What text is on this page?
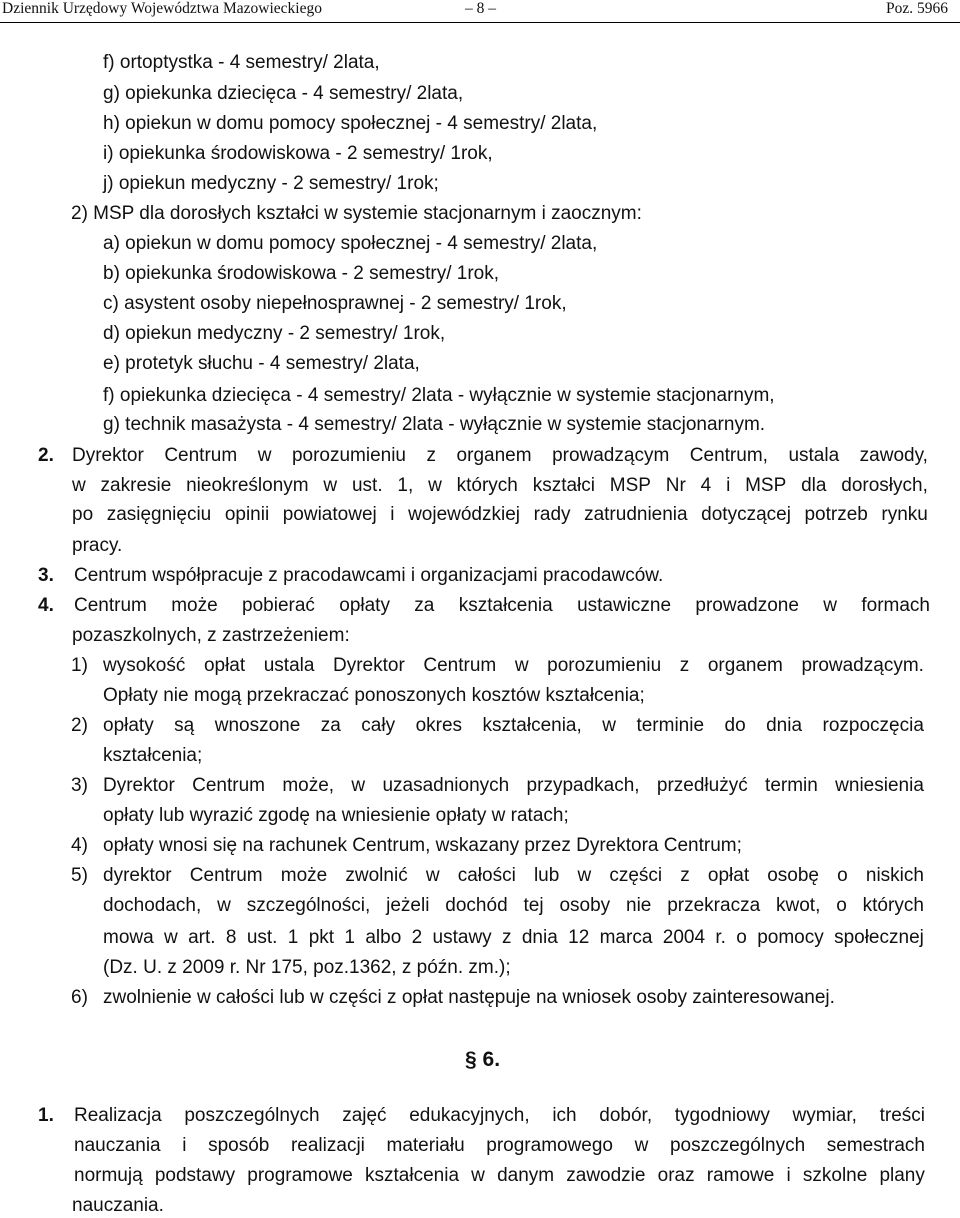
Dziennik Urzędowy Województwa Mazowieckiego	– 8 –	Poz. 5966
f) ortoptystka - 4 semestry/ 2lata,
g) opiekunka dziecięca - 4 semestry/ 2lata,
h) opiekun w domu pomocy społecznej - 4 semestry/ 2lata,
i) opiekunka środowiskowa - 2 semestry/ 1rok,
j) opiekun medyczny - 2 semestry/ 1rok;
2) MSP dla dorosłych kształci w systemie stacjonarnym i zaocznym:
a) opiekun w domu pomocy społecznej - 4 semestry/ 2lata,
b) opiekunka środowiskowa - 2 semestry/ 1rok,
c) asystent osoby niepełnosprawnej - 2 semestry/ 1rok,
d) opiekun medyczny - 2 semestry/ 1rok,
e) protetyk słuchu - 4 semestry/ 2lata,
f) opiekunka dziecięca - 4 semestry/ 2lata - wyłącznie w systemie stacjonarnym,
g) technik masażysta - 4 semestry/ 2lata - wyłącznie w systemie stacjonarnym.
2. Dyrektor Centrum w porozumieniu z organem prowadzącym Centrum, ustala zawody,
w zakresie nieokreślonym w ust. 1, w których kształci MSP Nr 4 i MSP dla dorosłych,
po zasięgnięciu opinii powiatowej i wojewódzkiej rady zatrudnienia dotyczącej potrzeb rynku
pracy.
3. Centrum współpracuje z pracodawcami i organizacjami pracodawców.
4. Centrum może pobierać opłaty za kształcenia ustawiczne prowadzone w formach
pozaszkolnych, z zastrzeżeniem:
1) wysokość opłat ustala Dyrektor Centrum w porozumieniu z organem prowadzącym.
Opłaty nie mogą przekraczać ponoszonych kosztów kształcenia;
2) opłaty są wnoszone za cały okres kształcenia, w terminie do dnia rozpoczęcia
kształcenia;
3) Dyrektor Centrum może, w uzasadnionych przypadkach, przedłużyć termin wniesienia
opłaty lub wyrazić zgodę na wniesienie opłaty w ratach;
4) opłaty wnosi się na rachunek Centrum, wskazany przez Dyrektora Centrum;
5) dyrektor Centrum może zwolnić w całości lub w części z opłat osobę o niskich
dochodach, w szczególności, jeżeli dochód tej osoby nie przekracza kwot, o których
mowa w art. 8 ust. 1 pkt 1 albo 2 ustawy z dnia 12 marca 2004 r. o pomocy społecznej
(Dz. U. z 2009 r. Nr 175, poz.1362, z późn. zm.);
6) zwolnienie w całości lub w części z opłat następuje na wniosek osoby zainteresowanej.
§ 6.
1. Realizacja poszczególnych zajęć edukacyjnych, ich dobór, tygodniowy wymiar, treści
nauczania i sposób realizacji materiału programowego w poszczególnych semestrach
normują podstawy programowe kształcenia w danym zawodzie oraz ramowe i szkolne plany
nauczania.
